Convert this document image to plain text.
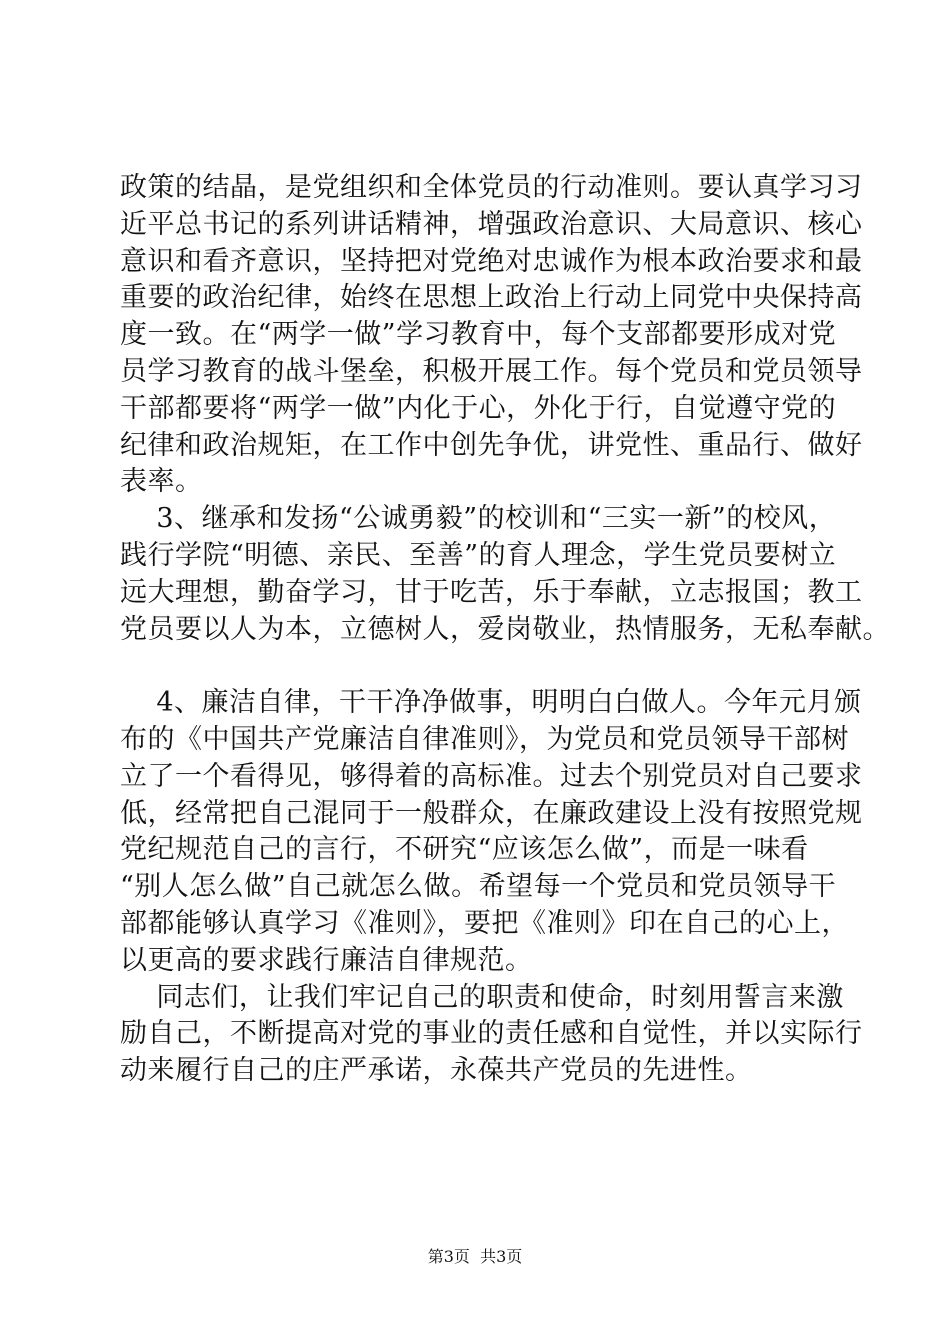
政策的结晶，是党组织和全体党员的行动准则。要认真学习习
近平总书记的系列讲话精神，增强政治意识、大局意识、核心
意识和看齐意识，坚持把对党绝对忠诚作为根本政治要求和最
重要的政治纪律，始终在思想上政治上行动上同党中央保持高
度一致。在“两学一做”学习教育中，每个支部都要形成对党
员学习教育的战斗堡垒，积极开展工作。每个党员和党员领导
干部都要将“两学一做”内化于心，外化于行，自觉遵守党的
纪律和政治规矩，在工作中创先争优，讲党性、重品行、做好
表率。
3、继承和发扬“公诚勇毅”的校训和“三实一新”的校风，
践行学院“明德、亲民、至善”的育人理念，学生党员要树立
远大理想，勤奋学习，甘于吃苦，乐于奉献，立志报国；教工
党员要以人为本，立德树人，爱岗敬业，热情服务，无私奉献。
4、廉洁自律，干干净净做事，明明白白做人。今年元月颁
布的《中国共产党廉洁自律准则》，为党员和党员领导干部树
立了一个看得见，够得着的高标准。过去个别党员对自己要求
低，经常把自己混同于一般群众，在廉政建设上没有按照党规
党纪规范自己的言行，不研究“应该怎么做”，而是一味看
“别人怎么做”自己就怎么做。希望每一个党员和党员领导干
部都能够认真学习《准则》，要把《准则》印在自己的心上，
以更高的要求践行廉洁自律规范。
同志们，让我们牢记自己的职责和使命，时刻用誓言来激
励自己，不断提高对党的事业的责任感和自觉性，并以实际行
动来履行自己的庄严承诺，永葆共产党员的先进性。
第3页  共3页
